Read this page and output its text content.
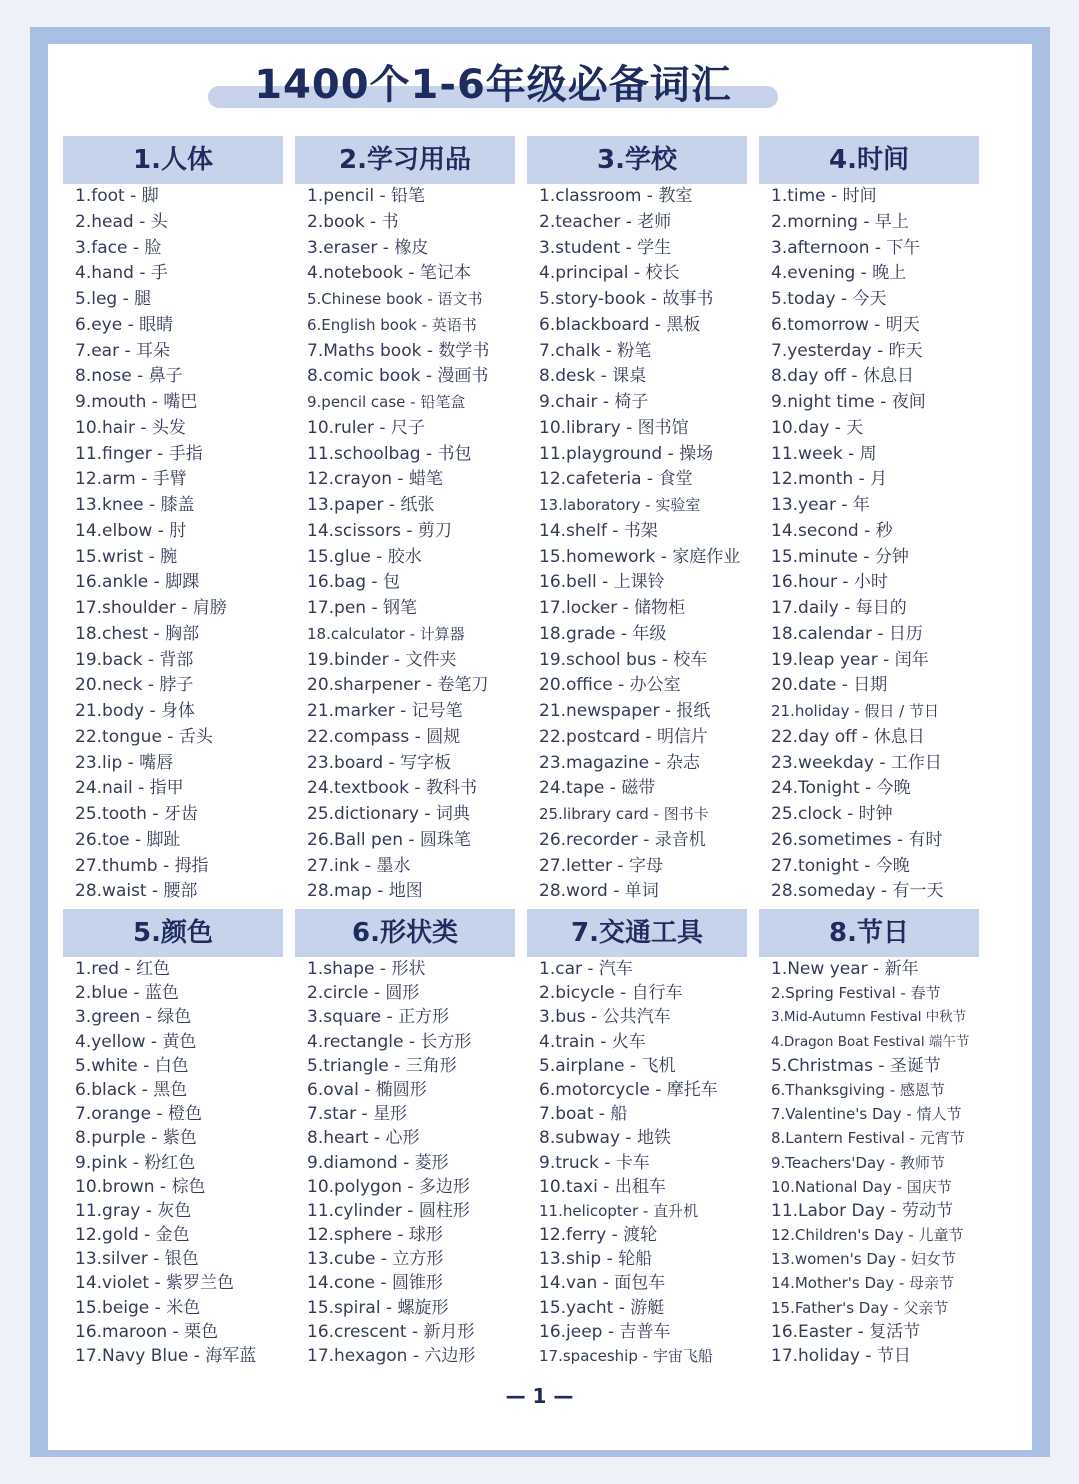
1400个1-6年级必备词汇
1.人体
1.foot - 脚
2.head - 头
3.face - 脸
4.hand - 手
5.leg - 腿
6.eye - 眼睛
7.ear - 耳朵
8.nose - 鼻子
9.mouth - 嘴巴
10.hair - 头发
11.finger - 手指
12.arm - 手臂
13.knee - 膝盖
14.elbow - 肘
15.wrist - 腕
16.ankle - 脚踝
17.shoulder - 肩膀
18.chest - 胸部
19.back - 背部
20.neck - 脖子
21.body - 身体
22.tongue - 舌头
23.lip - 嘴唇
24.nail - 指甲
25.tooth - 牙齿
26.toe - 脚趾
27.thumb - 拇指
28.waist - 腰部
2.学习用品
1.pencil - 铅笔
2.book - 书
3.eraser - 橡皮
4.notebook - 笔记本
5.Chinese book - 语文书
6.English book - 英语书
7.Maths book - 数学书
8.comic book - 漫画书
9.pencil case - 铅笔盒
10.ruler - 尺子
11.schoolbag - 书包
12.crayon - 蜡笔
13.paper - 纸张
14.scissors - 剪刀
15.glue - 胶水
16.bag - 包
17.pen - 钢笔
18.calculator - 计算器
19.binder - 文件夹
20.sharpener - 卷笔刀
21.marker - 记号笔
22.compass - 圆规
23.board - 写字板
24.textbook - 教科书
25.dictionary - 词典
26.Ball pen - 圆珠笔
27.ink - 墨水
28.map - 地图
3.学校
1.classroom - 教室
2.teacher - 老师
3.student - 学生
4.principal - 校长
5.story-book - 故事书
6.blackboard - 黑板
7.chalk - 粉笔
8.desk - 课桌
9.chair - 椅子
10.library - 图书馆
11.playground - 操场
12.cafeteria - 食堂
13.laboratory - 实验室
14.shelf - 书架
15.homework - 家庭作业
16.bell - 上课铃
17.locker - 储物柜
18.grade - 年级
19.school bus - 校车
20.office - 办公室
21.newspaper - 报纸
22.postcard - 明信片
23.magazine - 杂志
24.tape - 磁带
25.library card - 图书卡
26.recorder - 录音机
27.letter - 字母
28.word - 单词
4.时间
1.time - 时间
2.morning - 早上
3.afternoon - 下午
4.evening - 晚上
5.today - 今天
6.tomorrow - 明天
7.yesterday - 昨天
8.day off - 休息日
9.night time - 夜间
10.day - 天
11.week - 周
12.month - 月
13.year - 年
14.second - 秒
15.minute - 分钟
16.hour - 小时
17.daily - 每日的
18.calendar - 日历
19.leap year - 闰年
20.date - 日期
21.holiday - 假日 / 节日
22.day off - 休息日
23.weekday - 工作日
24.Tonight - 今晚
25.clock - 时钟
26.sometimes - 有时
27.tonight - 今晚
28.someday - 有一天
5.颜色
1.red - 红色
2.blue - 蓝色
3.green - 绿色
4.yellow - 黄色
5.white - 白色
6.black - 黑色
7.orange - 橙色
8.purple - 紫色
9.pink - 粉红色
10.brown - 棕色
11.gray - 灰色
12.gold - 金色
13.silver - 银色
14.violet - 紫罗兰色
15.beige - 米色
16.maroon - 栗色
17.Navy Blue - 海军蓝
6.形状类
1.shape - 形状
2.circle - 圆形
3.square - 正方形
4.rectangle - 长方形
5.triangle - 三角形
6.oval - 椭圆形
7.star - 星形
8.heart - 心形
9.diamond - 菱形
10.polygon - 多边形
11.cylinder - 圆柱形
12.sphere - 球形
13.cube - 立方形
14.cone - 圆锥形
15.spiral - 螺旋形
16.crescent - 新月形
17.hexagon - 六边形
7.交通工具
1.car - 汽车
2.bicycle - 自行车
3.bus - 公共汽车
4.train - 火车
5.airplane - 飞机
6.motorcycle - 摩托车
7.boat - 船
8.subway - 地铁
9.truck - 卡车
10.taxi - 出租车
11.helicopter - 直升机
12.ferry - 渡轮
13.ship - 轮船
14.van - 面包车
15.yacht - 游艇
16.jeep - 吉普车
17.spaceship - 宇宙飞船
8.节日
1.New year - 新年
2.Spring Festival - 春节
3.Mid-Autumn Festival 中秋节
4.Dragon Boat Festival 端午节
5.Christmas - 圣诞节
6.Thanksgiving - 感恩节
7.Valentine's Day - 情人节
8.Lantern Festival - 元宵节
9.Teachers'Day - 教师节
10.National Day - 国庆节
11.Labor Day - 劳动节
12.Children's Day - 儿童节
13.women's Day - 妇女节
14.Mother's Day - 母亲节
15.Father's Day - 父亲节
16.Easter - 复活节
17.holiday - 节日
— 1 —
